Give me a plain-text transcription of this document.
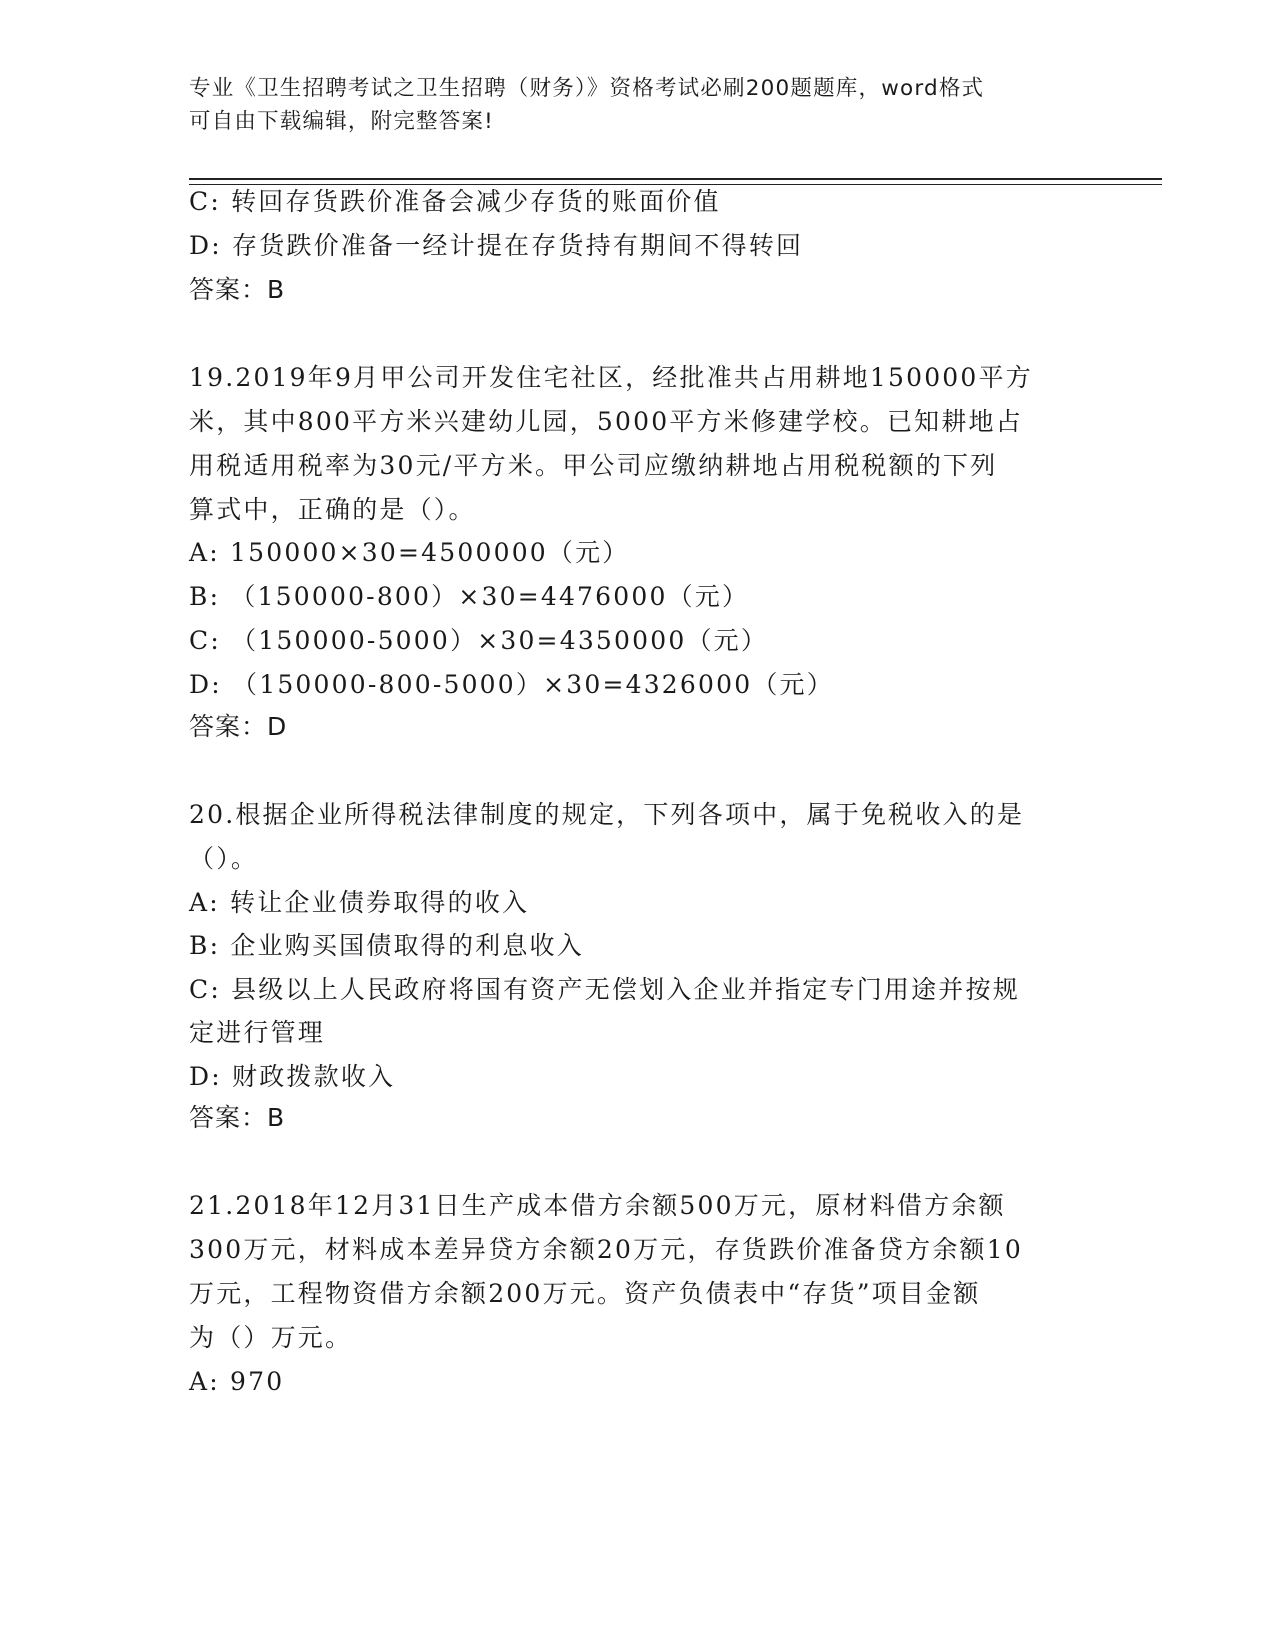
专业《卫生招聘考试之卫生招聘（财务）》资格考试必刷200题题库，word格式
可自由下载编辑，附完整答案!
C: 转回存货跌价准备会减少存货的账面价值
D: 存货跌价准备一经计提在存货持有期间不得转回
答案：B
19.2019年9月甲公司开发住宅社区，经批准共占用耕地150000平方
米，其中800平方米兴建幼儿园，5000平方米修建学校。已知耕地占
用税适用税率为30元/平方米。甲公司应缴纳耕地占用税税额的下列
算式中，正确的是（）。
A: 150000×30=4500000（元）
B: （150000-800）×30=4476000（元）
C: （150000-5000）×30=4350000（元）
D: （150000-800-5000）×30=4326000（元）
答案：D
20.根据企业所得税法律制度的规定，下列各项中，属于免税收入的是
（）。
A: 转让企业债券取得的收入
B: 企业购买国债取得的利息收入
C: 县级以上人民政府将国有资产无偿划入企业并指定专门用途并按规
定进行管理
D: 财政拨款收入
答案：B
21.2018年12月31日生产成本借方余额500万元，原材料借方余额
300万元，材料成本差异贷方余额20万元，存货跌价准备贷方余额10
万元，工程物资借方余额200万元。资产负债表中“存货”项目金额
为（）万元。
A: 970
